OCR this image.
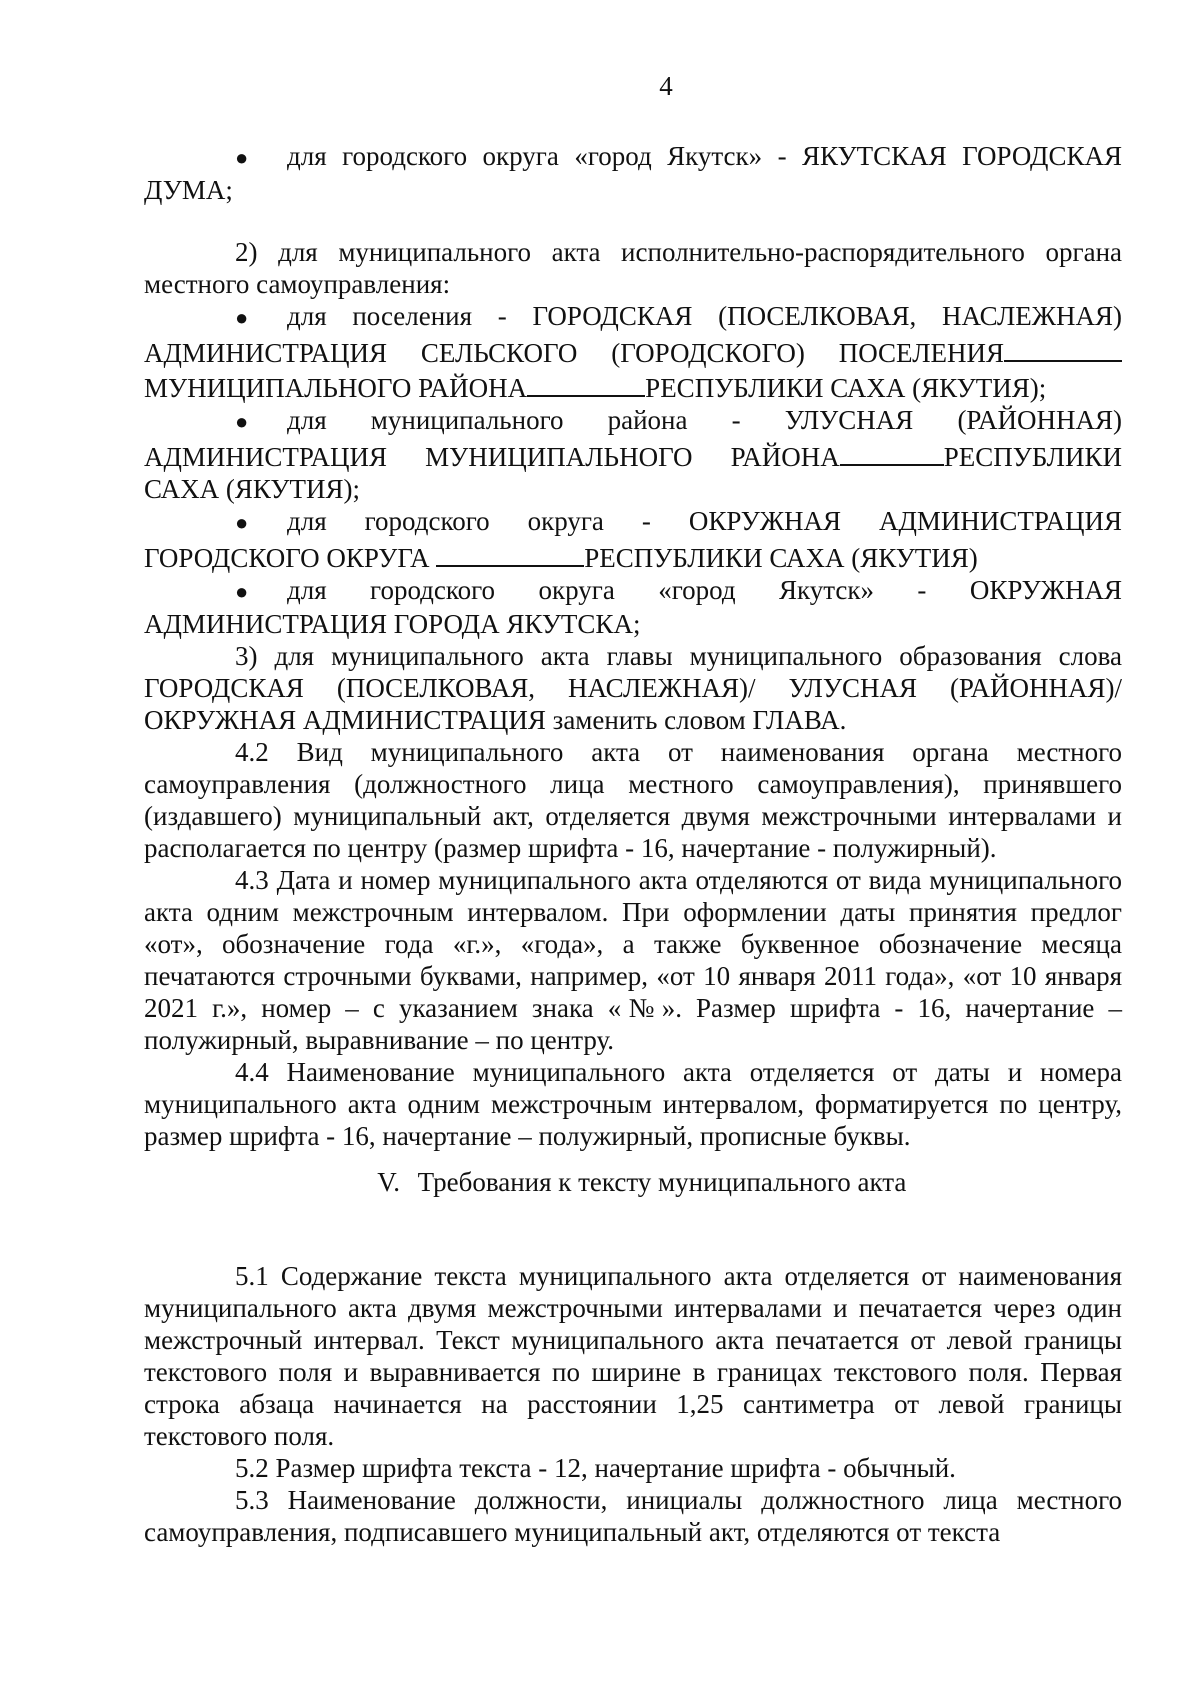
4

● для городского округа «город Якутск» - ЯКУТСКАЯ ГОРОДСКАЯ ДУМА;

2) для муниципального акта исполнительно-распорядительного органа местного самоуправления:

● для поселения - ГОРОДСКАЯ (ПОСЕЛКОВАЯ, НАСЛЕЖНАЯ) АДМИНИСТРАЦИЯ СЕЛЬСКОГО (ГОРОДСКОГО) ПОСЕЛЕНИЯ

МУНИЦИПАЛЬНОГО РАЙОНА	РЕСПУБЛИКИ САХА (ЯКУТИЯ);

● для муниципального района - УЛУСНАЯ (РАЙОННАЯ) АДМИНИСТРАЦИЯ МУНИЦИПАЛЬНОГО РАЙОНА	РЕСПУБЛИКИ САХА (ЯКУТИЯ);

● для городского округа - ОКРУЖНАЯ АДМИНИСТРАЦИЯ ГОРОДСКОГО ОКРУГА	РЕСПУБЛИКИ САХА (ЯКУТИЯ)

● для городского округа «город Якутск» - ОКРУЖНАЯ АДМИНИСТРАЦИЯ ГОРОДА ЯКУТСКА;

3) для муниципального акта главы муниципального образования слова ГОРОДСКАЯ (ПОСЕЛКОВАЯ, НАСЛЕЖНАЯ)/ УЛУСНАЯ (РАЙОННАЯ)/ ОКРУЖНАЯ АДМИНИСТРАЦИЯ заменить словом ГЛАВА.

4.2 Вид муниципального акта от наименования органа местного самоуправления (должностного лица местного самоуправления), принявшего (издавшего) муниципальный акт, отделяется двумя межстрочными интервалами и располагается по центру (размер шрифта - 16, начертание - полужирный).

4.3 Дата и номер муниципального акта отделяются от вида муниципального акта одним межстрочным интервалом. При оформлении даты принятия предлог «от», обозначение года «г.», «года», а также буквенное обозначение месяца печатаются строчными буквами, например, «от 10 января 2011 года», «от 10 января 2021 г.», номер – с указанием знака «№». Размер шрифта - 16, начертание – полужирный, выравнивание – по центру.

4.4 Наименование муниципального акта отделяется от даты и номера муниципального акта одним межстрочным интервалом, форматируется по центру, размер шрифта - 16, начертание – полужирный, прописные буквы.

V. Требования к тексту муниципального акта

5.1 Содержание текста муниципального акта отделяется от наименования муниципального акта двумя межстрочными интервалами и печатается через один межстрочный интервал. Текст муниципального акта печатается от левой границы текстового поля и выравнивается по ширине в границах текстового поля. Первая строка абзаца начинается на расстоянии 1,25 сантиметра от левой границы текстового поля.

5.2 Размер шрифта текста - 12, начертание шрифта - обычный.

5.3 Наименование должности, инициалы должностного лица местного самоуправления, подписавшего муниципальный акт, отделяются от текста
